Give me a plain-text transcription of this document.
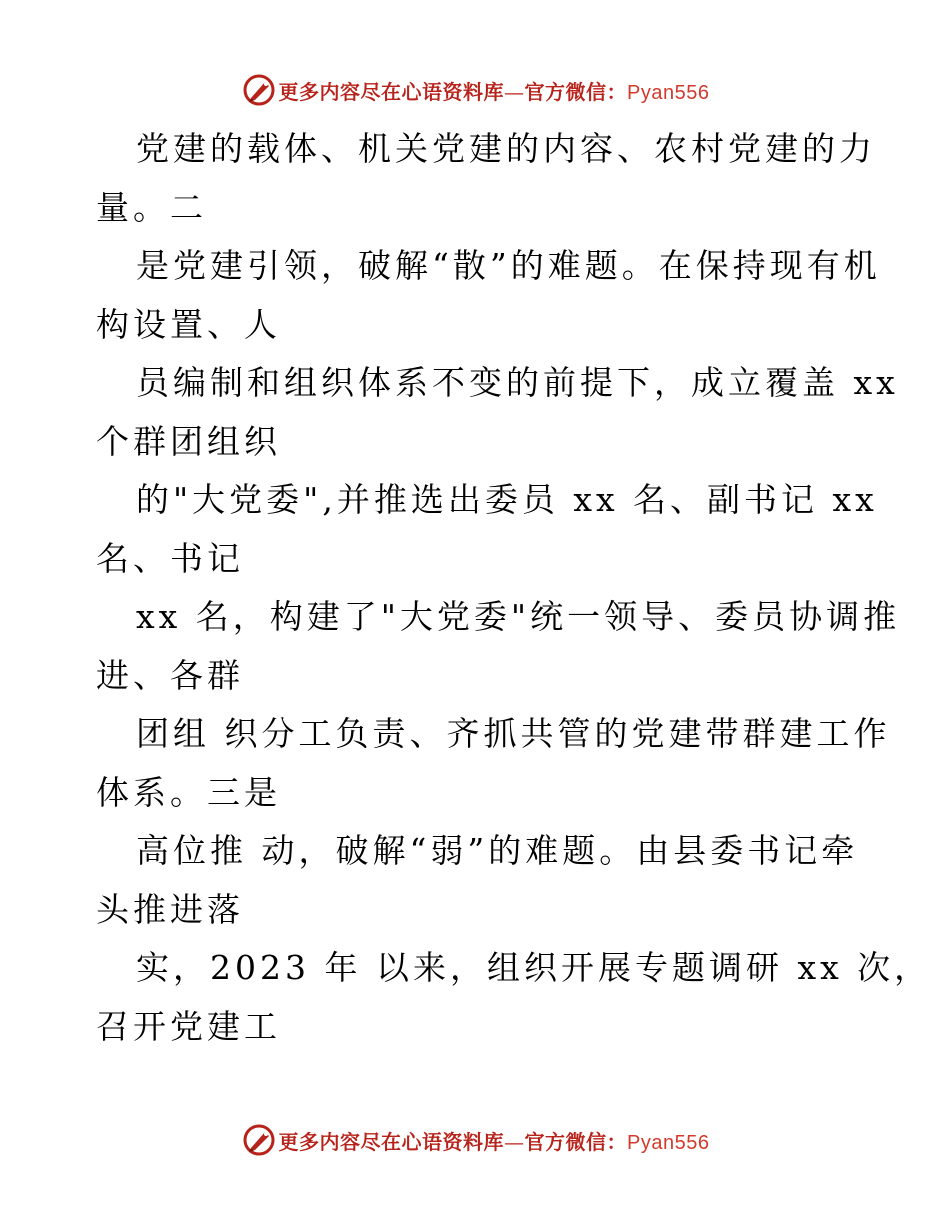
更多内容尽在心语资料库—官方微信：Pyan556
党建的载体、机关党建的内容、农村党建的力
量。二
是党建引领，破解“散”的难题。在保持现有机
构设置、人
员编制和组织体系不变的前提下，成立覆盖 xx
个群团组织
的"大党委",并推选出委员 xx 名、副书记 xx
名、书记
xx 名，构建了"大党委"统一领导、委员协调推
进、各群
团组 织分工负责、齐抓共管的党建带群建工作
体系。三是
高位推 动，破解“弱”的难题。由县委书记牵
头推进落
实，2023 年 以来，组织开展专题调研 xx 次，
召开党建工
更多内容尽在心语资料库—官方微信：Pyan556
